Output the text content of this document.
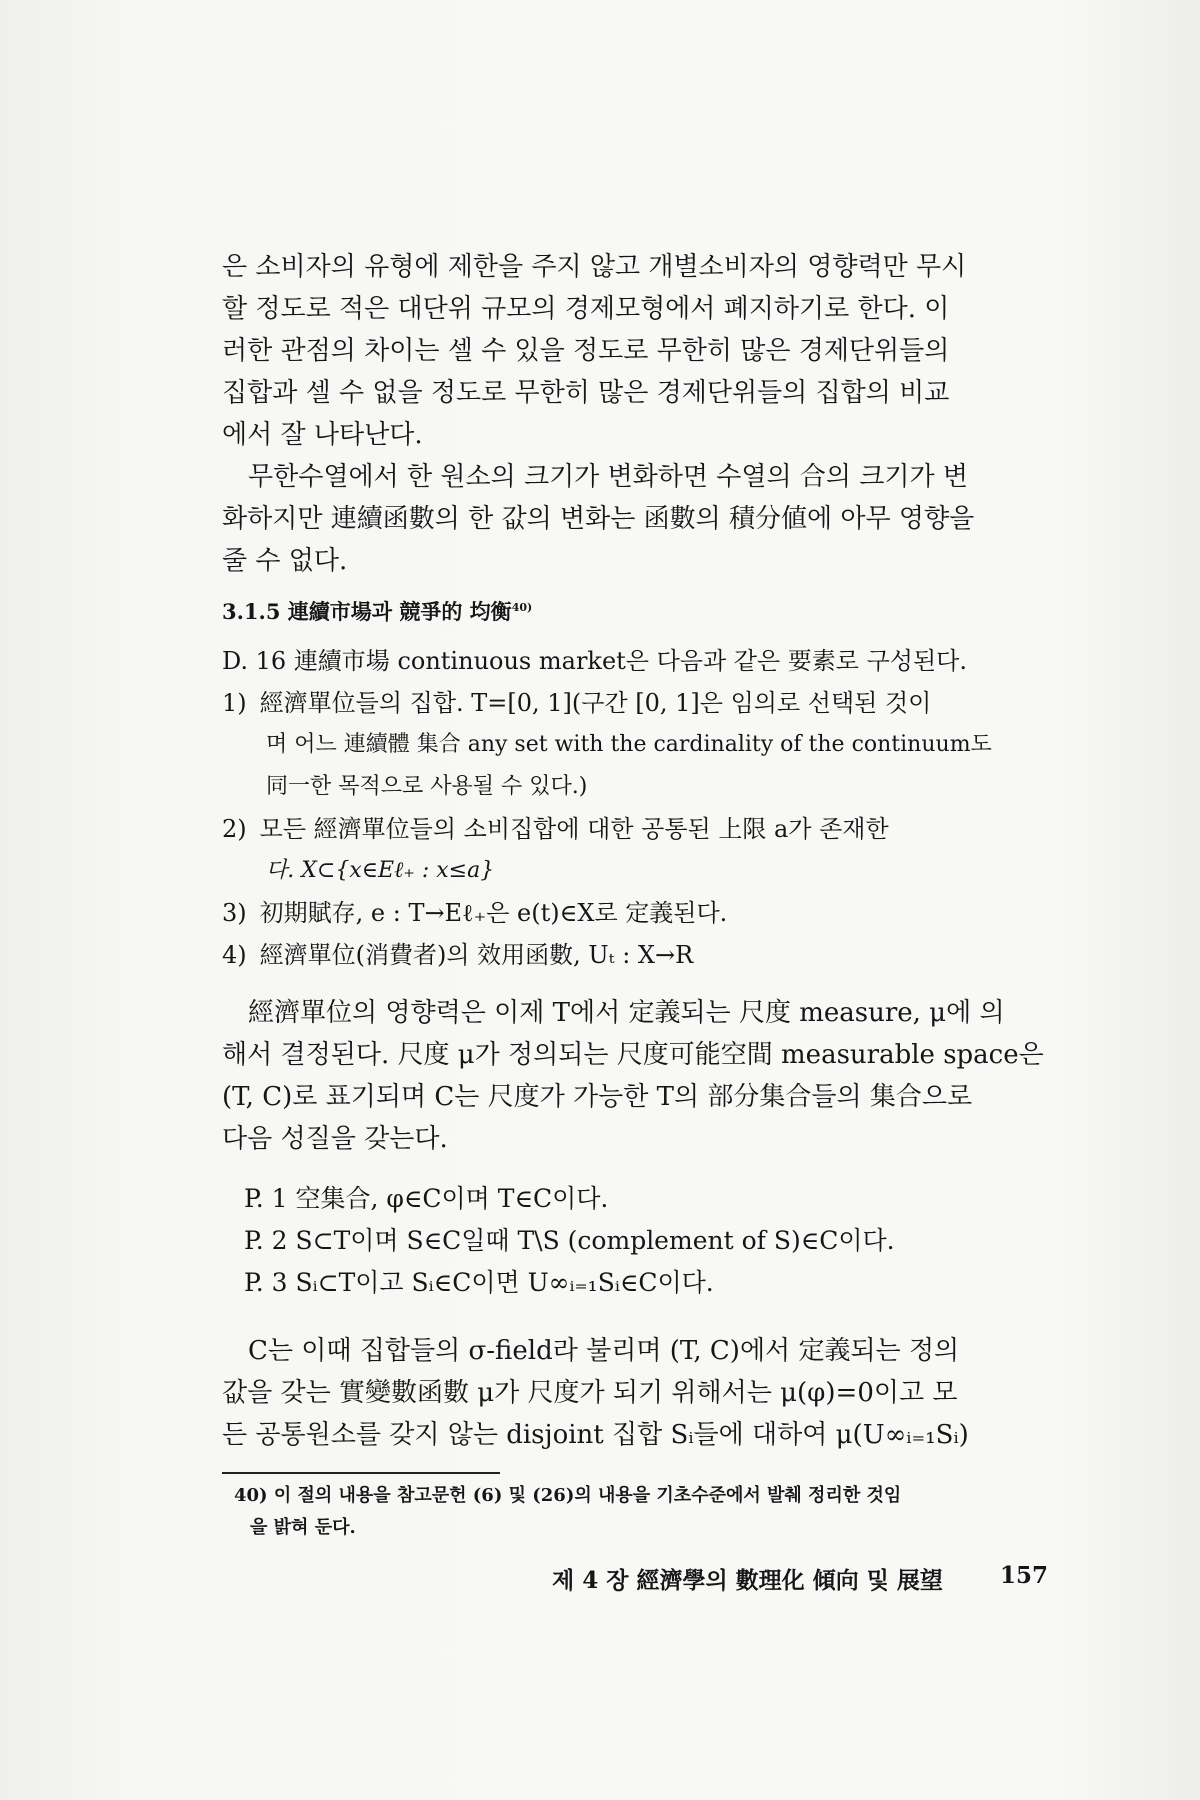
은 소비자의 유형에 제한을 주지 않고 개별소비자의 영향력만 무시

할 정도로 적은 대단위 규모의 경제모형에서 폐지하기로 한다. 이

러한 관점의 차이는 셀 수 있을 정도로 무한히 많은 경제단위들의

집합과 셀 수 없을 정도로 무한히 많은 경제단위들의 집합의 비교

에서 잘 나타난다.

무한수열에서 한 원소의 크기가 변화하면 수열의 合의 크기가 변

화하지만 連續函數의 한 값의 변화는 函數의 積分値에 아무 영향을

줄 수 없다.

3.1.5 連續市場과 競爭的 均衡$^{40)}$

D. 16 連續市場 continuous market은 다음과 같은 要素로 구성된다.

1) 經濟單位들의 집합. T=[0, 1](구간 [0, 1]은 임의로 선택된 것이
며 어느 連續體 集合 any set with the cardinality of the continuum도
同一한 목적으로 사용될 수 있다.)
2) 모든 經濟單位들의 소비집합에 대한 공통된 上限 a가 존재한
다. X⊂{x∈Eℓ₊ : x≤a}
3) 初期賦存, e : T→Eℓ₊은 e(t)∈X로 定義된다.
4) 經濟單位(消費者)의 效用函數, Uₜ : X→R

經濟單位의 영향력은 이제 T에서 定義되는 尺度 measure, μ에 의

해서 결정된다. 尺度 μ가 정의되는 尺度可能空間 measurable space은

(T, C)로 표기되며 C는 尺度가 가능한 T의 部分集合들의 集合으로

다음 성질을 갖는다.

P. 1 空集合, φ∈C이며 T∈C이다.

P. 2 S⊂T이며 S∈C일때 T\S (complement of S)∈C이다.

P. 3 Sᵢ⊂T이고 Sᵢ∈C이면 U∞ᵢ₌₁Sᵢ∈C이다.

C는 이때 집합들의 σ-field라 불리며 (T, C)에서 定義되는 정의

값을 갖는 實變數函數 μ가 尺度가 되기 위해서는 μ(φ)=0이고 모

든 공통원소를 갖지 않는 disjoint 집합 Sᵢ들에 대하여 μ(U∞ᵢ₌₁Sᵢ)

40) 이 절의 내용을 참고문헌 (6) 및 (26)의 내용을 기초수준에서 발췌 정리한 것임

을 밝혀 둔다.

제 4 장 經濟學의 數理化 傾向 및 展望 157
